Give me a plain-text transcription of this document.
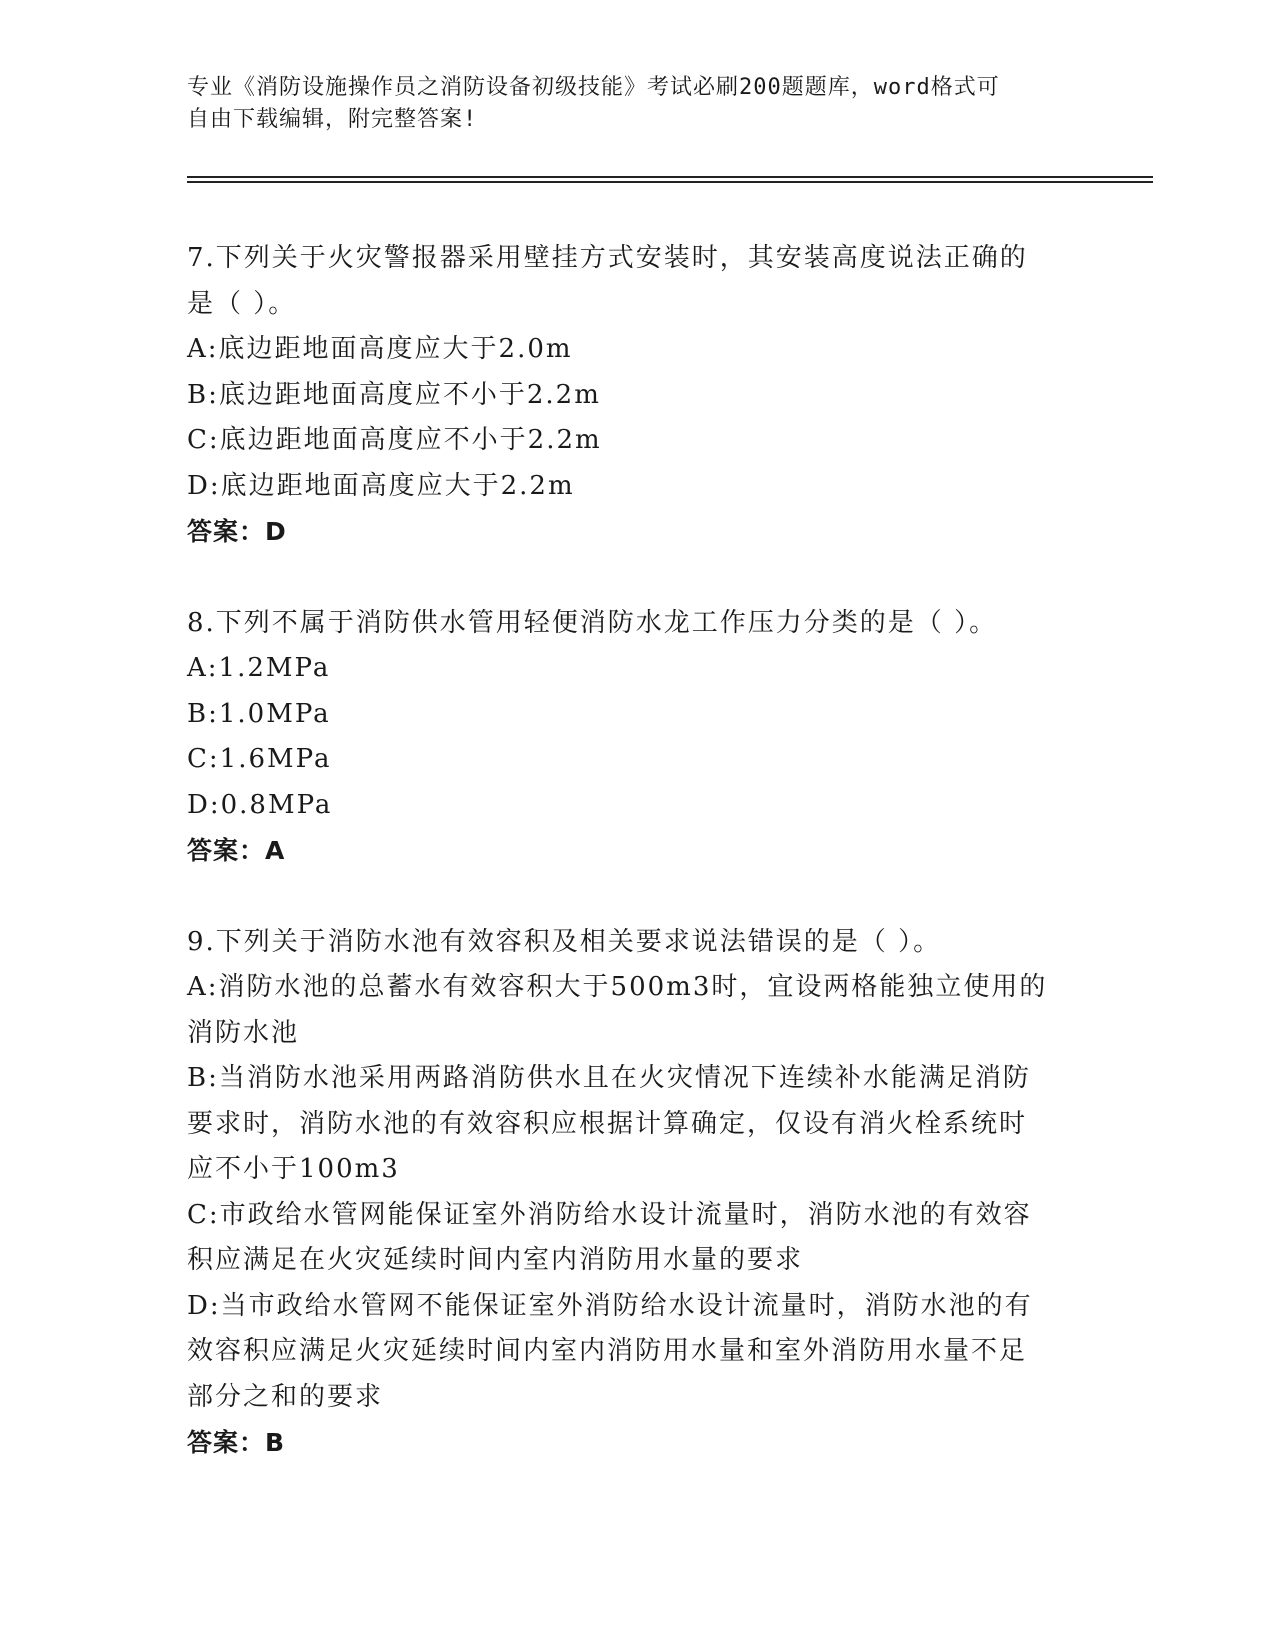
专业《消防设施操作员之消防设备初级技能》考试必刷200题题库，word格式可
自由下载编辑，附完整答案!
7.下列关于火灾警报器采用壁挂方式安装时，其安装高度说法正确的
是（ ）。
A:底边距地面高度应大于2.0m
B:底边距地面高度应不小于2.2m
C:底边距地面高度应不小于2.2m
D:底边距地面高度应大于2.2m
答案：D
8.下列不属于消防供水管用轻便消防水龙工作压力分类的是（ ）。
A:1.2MPa
B:1.0MPa
C:1.6MPa
D:0.8MPa
答案：A
9.下列关于消防水池有效容积及相关要求说法错误的是（ ）。
A:消防水池的总蓄水有效容积大于500m3时，宜设两格能独立使用的
消防水池
B:当消防水池采用两路消防供水且在火灾情况下连续补水能满足消防
要求时，消防水池的有效容积应根据计算确定，仅设有消火栓系统时
应不小于100m3
C:市政给水管网能保证室外消防给水设计流量时，消防水池的有效容
积应满足在火灾延续时间内室内消防用水量的要求
D:当市政给水管网不能保证室外消防给水设计流量时，消防水池的有
效容积应满足火灾延续时间内室内消防用水量和室外消防用水量不足
部分之和的要求
答案：B
